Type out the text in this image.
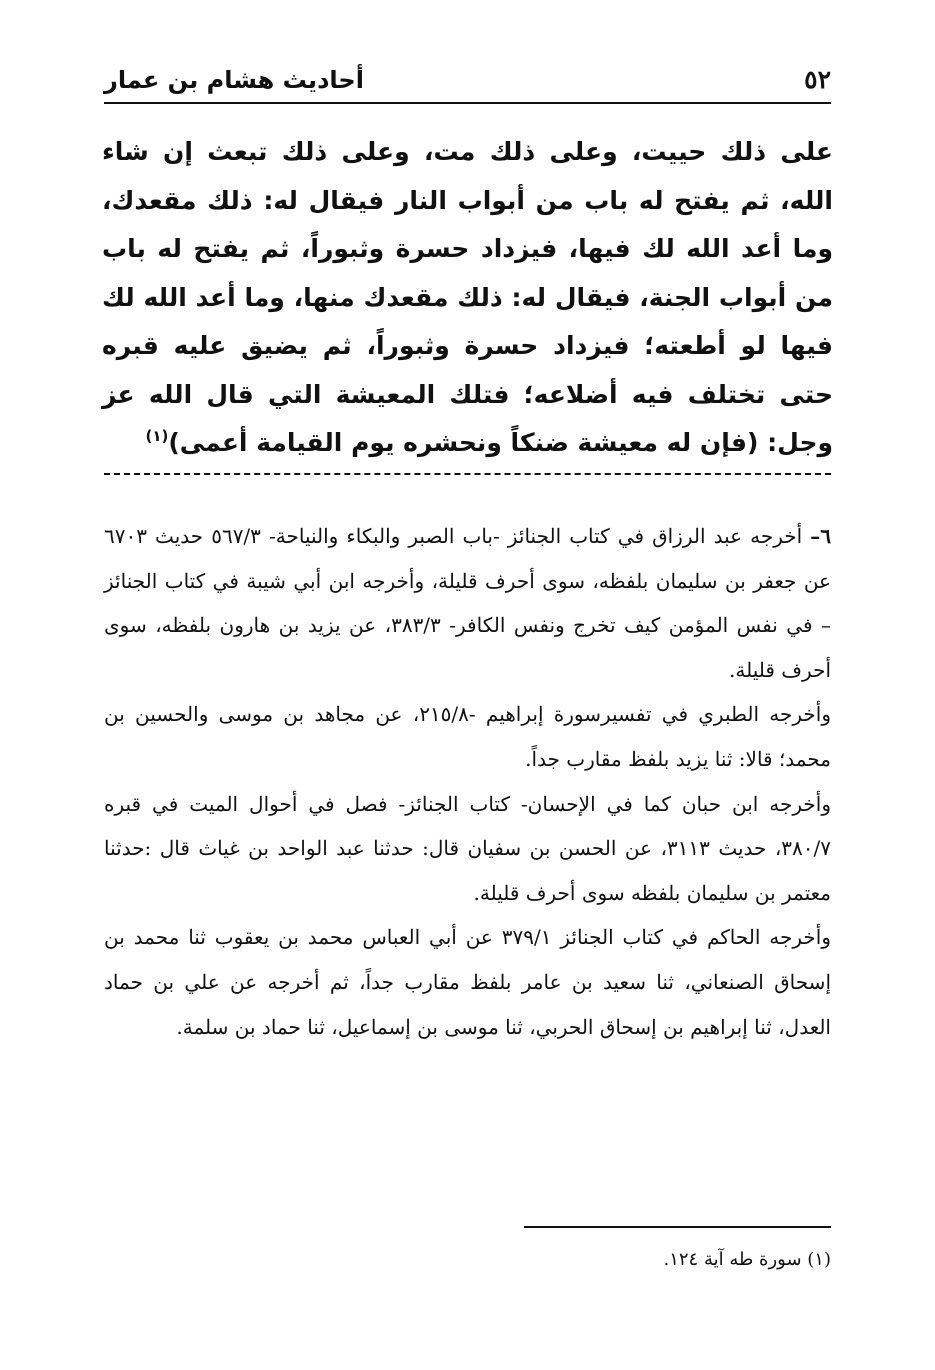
٥٢
أحاديث هشام بن عمار

على ذلك حييت، وعلى ذلك مت، وعلى ذلك تبعث إن شاء الله، ثم يفتح له باب من أبواب النار فيقال له: ذلك مقعدك، وما أعد الله لك فيها، فيزداد حسرة وثبوراً، ثم يفتح له باب من أبواب الجنة، فيقال له: ذلك مقعدك منها، وما أعد الله لك فيها لو أطعته؛ فيزداد حسرة وثبوراً، ثم يضيق عليه قبره حتى تختلف فيه أضلاعه؛ فتلك المعيشة التي قال الله عز وجل: (فإن له معيشة ضنكاً ونحشره يوم القيامة أعمى)$^{(١)}$

٦– أخرجه عبد الرزاق في كتاب الجنائز -باب الصبر والبكاء والنياحة- ٥٦٧/٣ حديث ٦٧٠٣ عن جعفر بن سليمان بلفظه، سوى أحرف قليلة، وأخرجه ابن أبي شيبة في كتاب الجنائز – في نفس المؤمن كيف تخرج ونفس الكافر- ٣٨٣/٣، عن يزيد بن هارون بلفظه، سوى أحرف قليلة.

وأخرجه الطبري في تفسيرسورة إبراهيم -٢١٥/٨، عن مجاهد بن موسى والحسين بن محمد؛ قالا: ثنا يزيد بلفظ مقارب جداً.

وأخرجه ابن حبان كما في الإحسان- كتاب الجنائز- فصل في أحوال الميت في قبره ٣٨٠/٧، حديث ٣١١٣، عن الحسن بن سفيان قال: حدثنا عبد الواحد بن غياث قال :حدثنا معتمر بن سليمان بلفظه سوى أحرف قليلة.

وأخرجه الحاكم في كتاب الجنائز ٣٧٩/١ عن أبي العباس محمد بن يعقوب ثنا محمد بن إسحاق الصنعاني، ثنا سعيد بن عامر بلفظ مقارب جداً، ثم أخرجه عن علي بن حماد العدل، ثنا إبراهيم بن إسحاق الحربي، ثنا موسى بن إسماعيل، ثنا حماد بن سلمة.

(١) سورة طه آية ١٢٤.
